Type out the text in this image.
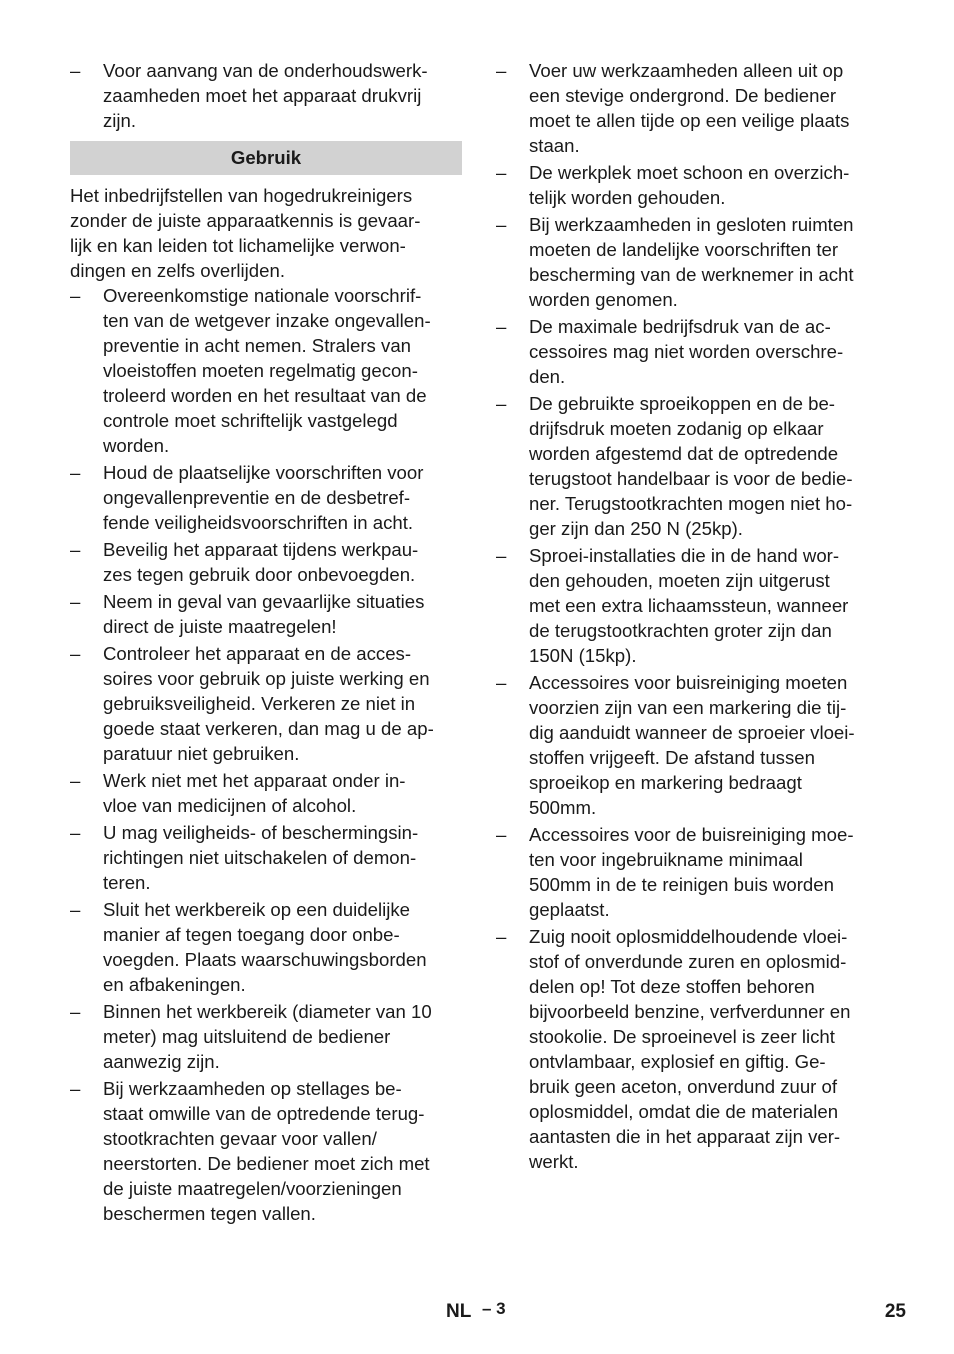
–	Voor aanvang van de onderhoudswerk-
zaamheden moet het apparaat drukvrij
zijn.
Gebruik
Het inbedrijfstellen van hogedrukreinigers
zonder de juiste apparaatkennis is gevaar-
lijk en kan leiden tot lichamelijke verwon-
dingen en zelfs overlijden.
–	Overeenkomstige nationale voorschrif-
ten van de wetgever inzake ongevallen-
preventie in acht nemen. Stralers van
vloeistoffen moeten regelmatig gecon-
troleerd worden en het resultaat van de
controle moet schriftelijk vastgelegd
worden.
–	Houd de plaatselijke voorschriften voor
ongevallenpreventie en de desbetref-
fende veiligheidsvoorschriften in acht.
–	Beveilig het apparaat tijdens werkpau-
zes tegen gebruik door onbevoegden.
–	Neem in geval van gevaarlijke situaties
direct de juiste maatregelen!
–	Controleer het apparaat en de acces-
soires voor gebruik op juiste werking en
gebruiksveiligheid. Verkeren ze niet in
goede staat verkeren, dan mag u de ap-
paratuur niet gebruiken.
–	Werk niet met het apparaat onder in-
vloe van medicijnen of alcohol.
–	U mag veiligheids- of beschermingsin-
richtingen niet uitschakelen of demon-
teren.
–	Sluit het werkbereik op een duidelijke
manier af tegen toegang door onbe-
voegden. Plaats waarschuwingsborden
en afbakeningen.
–	Binnen het werkbereik (diameter van 10
meter) mag uitsluitend de bediener
aanwezig zijn.
–	Bij werkzaamheden op stellages be-
staat omwille van de optredende terug-
stootkrachten gevaar voor vallen/
neerstorten. De bediener moet zich met
de juiste maatregelen/voorzieningen
beschermen tegen vallen.
–	Voer uw werkzaamheden alleen uit op
een stevige ondergrond. De bediener
moet te allen tijde op een veilige plaats
staan.
–	De werkplek moet schoon en overzich-
telijk worden gehouden.
–	Bij werkzaamheden in gesloten ruimten
moeten de landelijke voorschriften ter
bescherming van de werknemer in acht
worden genomen.
–	De maximale bedrijfsdruk van de ac-
cessoires mag niet worden overschre-
den.
–	De gebruikte sproeikoppen en de be-
drijfsdruk moeten zodanig op elkaar
worden afgestemd dat de optredende
terugstoot handelbaar is voor de bedie-
ner. Terugstootkrachten mogen niet ho-
ger zijn dan 250 N (25kp).
–	Sproei-installaties die in de hand wor-
den gehouden, moeten zijn uitgerust
met een extra lichaamssteun, wanneer
de terugstootkrachten groter zijn dan
150N (15kp).
–	Accessoires voor buisreiniging moeten
voorzien zijn van een markering die tij-
dig aanduidt wanneer de sproeier vloei-
stoffen vrijgeeft. De afstand tussen
sproeikop en markering bedraagt
500mm.
–	Accessoires voor de buisreiniging moe-
ten voor ingebruikname minimaal
500mm in de te reinigen buis worden
geplaatst.
–	Zuig nooit oplosmiddelhoudende vloei-
stof of onverdunde zuren en oplosmid-
delen op! Tot deze stoffen behoren
bijvoorbeeld benzine, verfverdunner en
stookolie. De sproeinevel is zeer licht
ontvlambaar, explosief en giftig. Ge-
bruik geen aceton, onverdund zuur of
oplosmiddel, omdat die de materialen
aantasten die in het apparaat zijn ver-
werkt.
NL – 3	25
